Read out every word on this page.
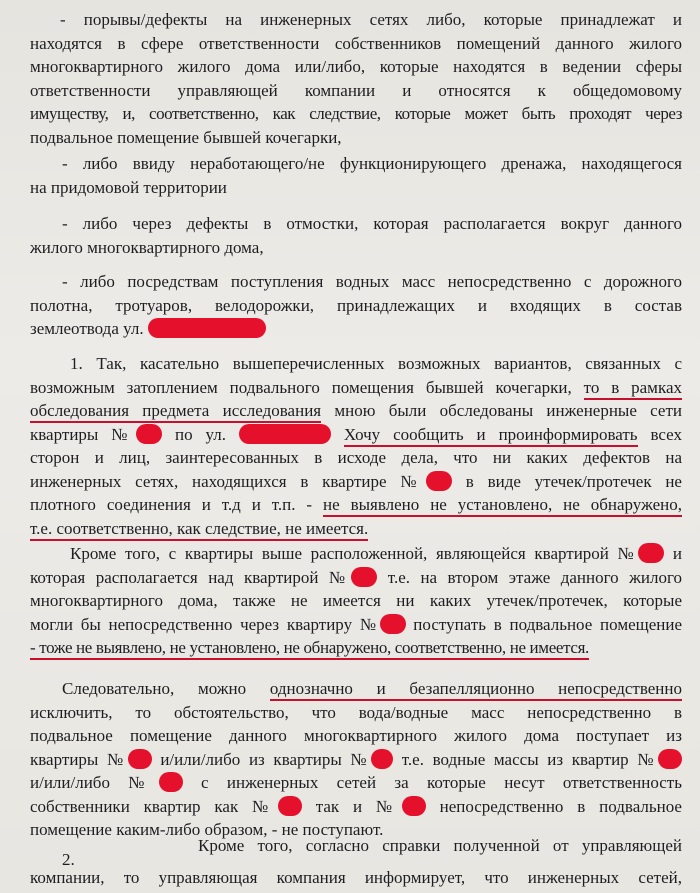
- порывы/дефекты на инженерных сетях либо, которые принадлежат и
находятся в сфере ответственности собственников помещений данного жилого
многоквартирного жилого дома или/либо, которые находятся в ведении сферы
ответственности управляющей компании и относятся к общедомовому
имуществу, и, соответственно, как следствие, которые может быть проходят через
подвальное помещение бывшей кочегарки,

- либо ввиду неработающего/не функционирующего дренажа, находящегося
на придомовой территории

- либо через дефекты в отмостки, которая располагается вокруг данного
жилого многоквартирного дома,

- либо посредствам поступления водных масс непосредственно с дорожного
полотна, тротуаров, велодорожки, принадлежащих и входящих в состав
землеотвода ул.

1. Так, касательно вышеперечисленных возможных вариантов, связанных с
возможным затоплением подвального помещения бывшей кочегарки, то в рамках
обследования предмета исследования мною были обследованы инженерные сети
квартиры № по ул.	Хочу сообщить и проинформировать всех
сторон и лиц, заинтересованных в исходе дела, что ни каких дефектов на
инженерных сетях, находящихся в квартире № в виде утечек/протечек не
плотного соединения и т.д и т.п. - не выявлено не установлено, не обнаружено,
т.е. соответственно, как следствие, не имеется.

Кроме того, с квартиры выше расположенной, являющейся квартирой № и
которая располагается над квартирой № т.е. на втором этаже данного жилого
многоквартирного дома, также не имеется ни каких утечек/протечек, которые
могли бы непосредственно через квартиру № поступать в подвальное помещение
- тоже не выявлено, не установлено, не обнаружено, соответственно, не имеется.

Следовательно, можно однозначно и безапелляционно непосредственно
исключить, то обстоятельство, что вода/водные масс непосредственно в
подвальное помещение данного многоквартирного жилого дома поступает из
квартиры № и/или/либо из квартиры № т.е. водные массы из квартир №
и/или/либо № с инженерных сетей за которые несут ответственность
собственники квартир как № так и № непосредственно в подвальное
помещение каким-либо образом, - не поступают.

Кроме того, согласно справки полученной от управляющей

2.

компании, то управляющая компания информирует, что инженерных сетей,
